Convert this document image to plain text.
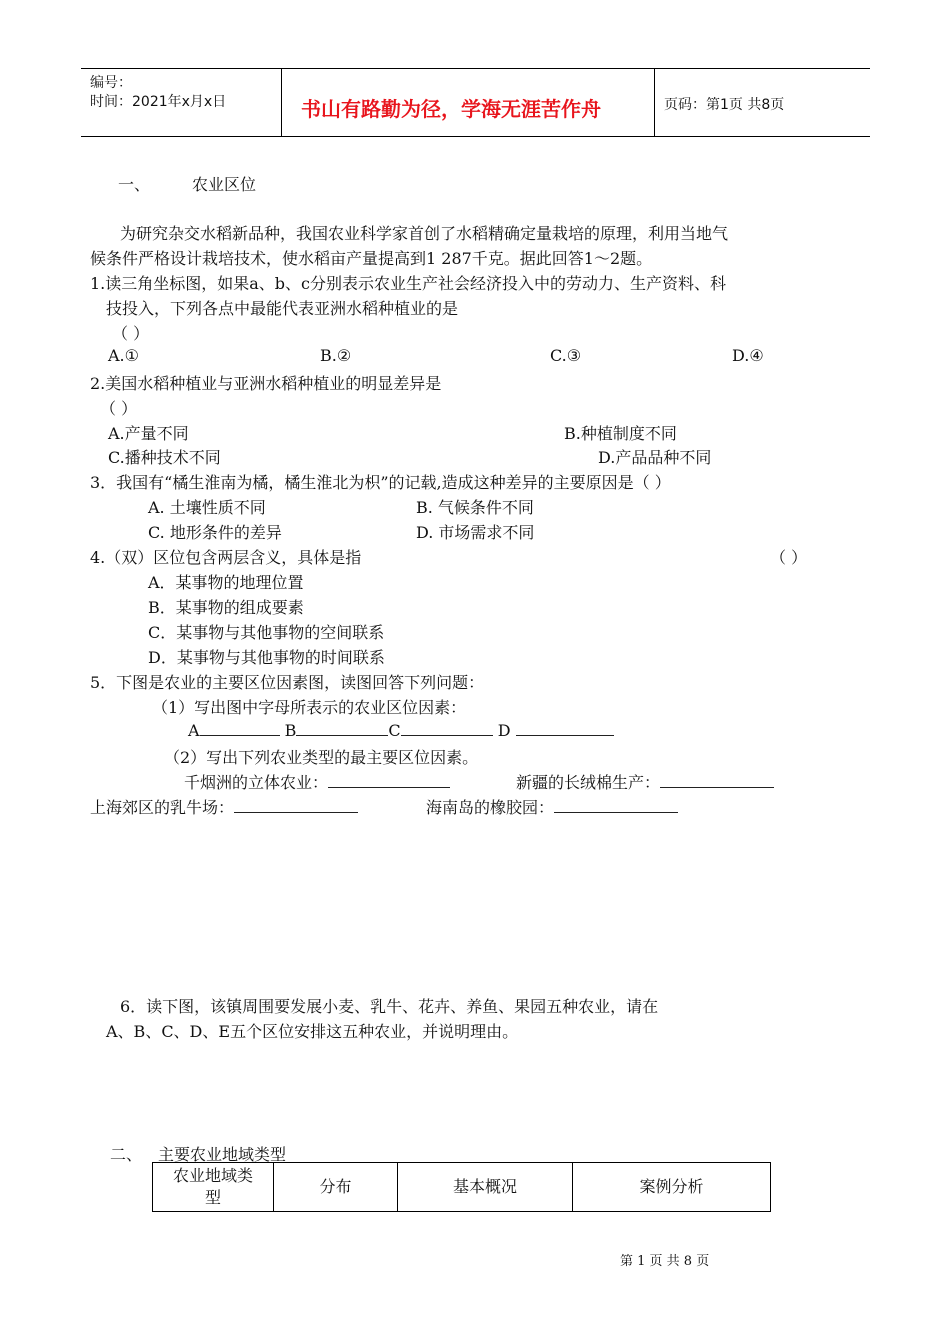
编号：
时间：2021年x月x日	书山有路勤为径，学海无涯苦作舟	页码：第1页 共8页
一、	农业区位
为研究杂交水稻新品种，我国农业科学家首创了水稻精确定量栽培的原理，利用当地气
候条件严格设计栽培技术，使水稻亩产量提高到1 287千克。据此回答1～2题。
1.读三角坐标图，如果a、b、c分别表示农业生产社会经济投入中的劳动力、生产资料、科
技投入，下列各点中最能代表亚洲水稻种植业的是
（ ）
A.①	B.②	C.③	D.④
2.美国水稻种植业与亚洲水稻种植业的明显差异是
（ ）
A.产量不同	B.种植制度不同
C.播种技术不同	D.产品品种不同
3．我国有“橘生淮南为橘，橘生淮北为枳”的记载,造成这种差异的主要原因是（ ）
A. 土壤性质不同	B. 气候条件不同
C. 地形条件的差异	D. 市场需求不同
4.（双）区位包含两层含义，具体是指	（ ）
A．某事物的地理位置
B．某事物的组成要素
C．某事物与其他事物的空间联系
D．某事物与其他事物的时间联系
5．下图是农业的主要区位因素图，读图回答下列问题：
（1）写出图中字母所表示的农业区位因素：
A	B	C	D
（2）写出下列农业类型的最主要区位因素。
千烟洲的立体农业：	新疆的长绒棉生产：
上海郊区的乳牛场：	海南岛的橡胶园：
6．读下图，该镇周围要发展小麦、乳牛、花卉、养鱼、果园五种农业，请在
A、B、C、D、E五个区位安排这五种农业，并说明理由。
二、 主要农业地域类型
农业地域类
型
	分布	基本概况	案例分析
第 1 页 共 8 页
